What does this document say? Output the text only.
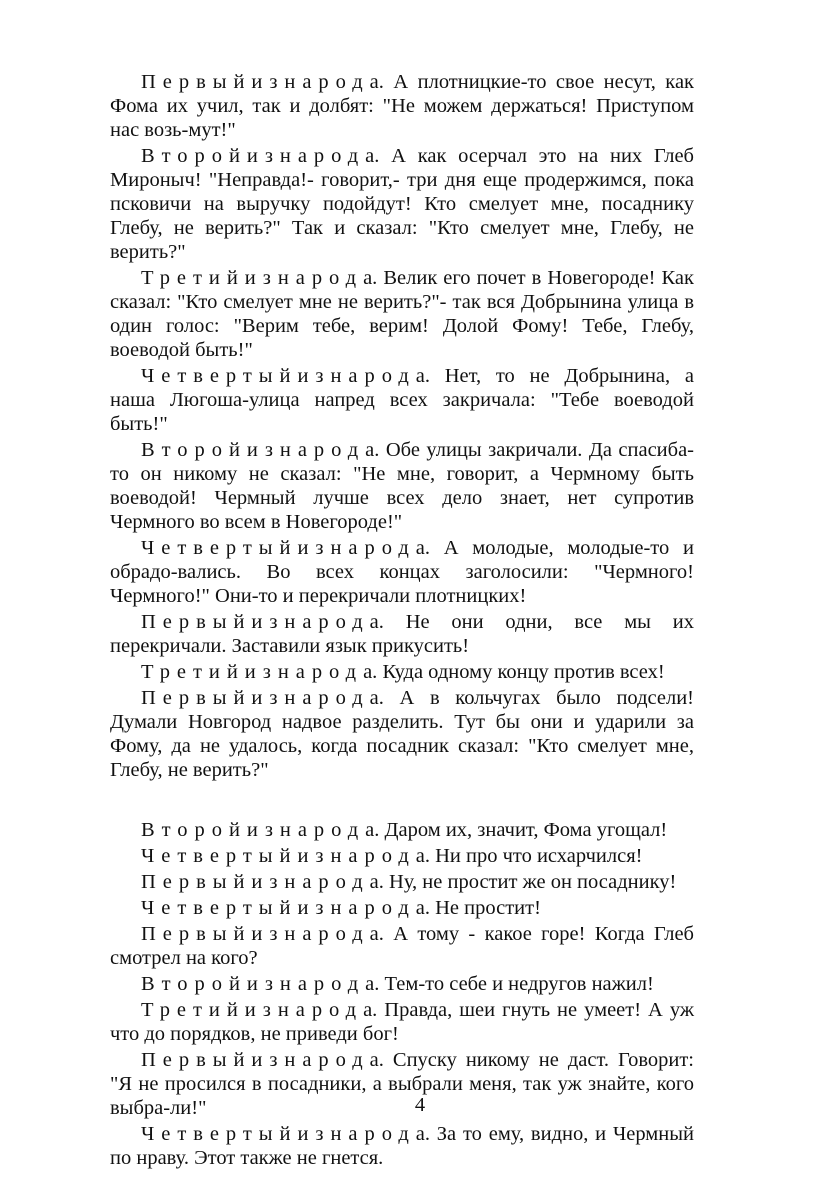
Первыйизнарода. А плотницкие-то свое несут, как Фома их учил, так и долбят: "Не можем держаться! Приступом нас возь-мут!"

Второйизнарода. А как осерчал это на них Глеб Мироныч! "Неправда!- говорит,- три дня еще продержимся, пока псковичи на выручку подойдут! Кто смелует мне, посаднику Глебу, не верить?" Так и сказал: "Кто смелует мне, Глебу, не верить?"

Третийизнарода. Велик его почет в Новегороде! Как сказал: "Кто смелует мне не верить?"- так вся Добрынина улица в один голос: "Верим тебе, верим! Долой Фому! Тебе, Глебу, воеводой быть!"

Четвертыйизнарода. Нет, то не Добрынина, а наша Люгоша-улица напред всех закричала: "Тебе воеводой быть!"

Второйизнарода. Обе улицы закричали. Да спасиба-то он никому не сказал: "Не мне, говорит, а Чермному быть воеводой! Чермный лучше всех дело знает, нет супротив Чермного во всем в Новегороде!"

Четвертыйизнарода. А молодые, молодые-то и обрадо-вались. Во всех концах заголосили: "Чермного! Чермного!" Они-то и перекричали плотницких!

Первыйизнарода. Не они одни, все мы их перекричали. Заставили язык прикусить!

Третийизнарода. Куда одному концу против всех!

Первыйизнарода. А в кольчугах было подсели! Думали Новгород надвое разделить. Тут бы они и ударили за Фому, да не удалось, когда посадник сказал: "Кто смелует мне, Глебу, не верить?"

Второйизнарода. Даром их, значит, Фома угощал!

Четвертыйизнарода. Ни про что исхарчился!

Первыйизнарода. Ну, не простит же он посаднику!

Четвертыйизнарода. Не простит!

Первыйизнарода. А тому - какое горе! Когда Глеб смотрел на кого?

Второйизнарода. Тем-то себе и недругов нажил!

Третийизнарода. Правда, шеи гнуть не умеет! А уж что до порядков, не приведи бог!

Первыйизнарода. Спуску никому не даст. Говорит: "Я не просился в посадники, а выбрали меня, так уж знайте, кого выбра-ли!"

Четвертыйизнарода. За то ему, видно, и Чермный по нраву. Этот также не гнется.

4
